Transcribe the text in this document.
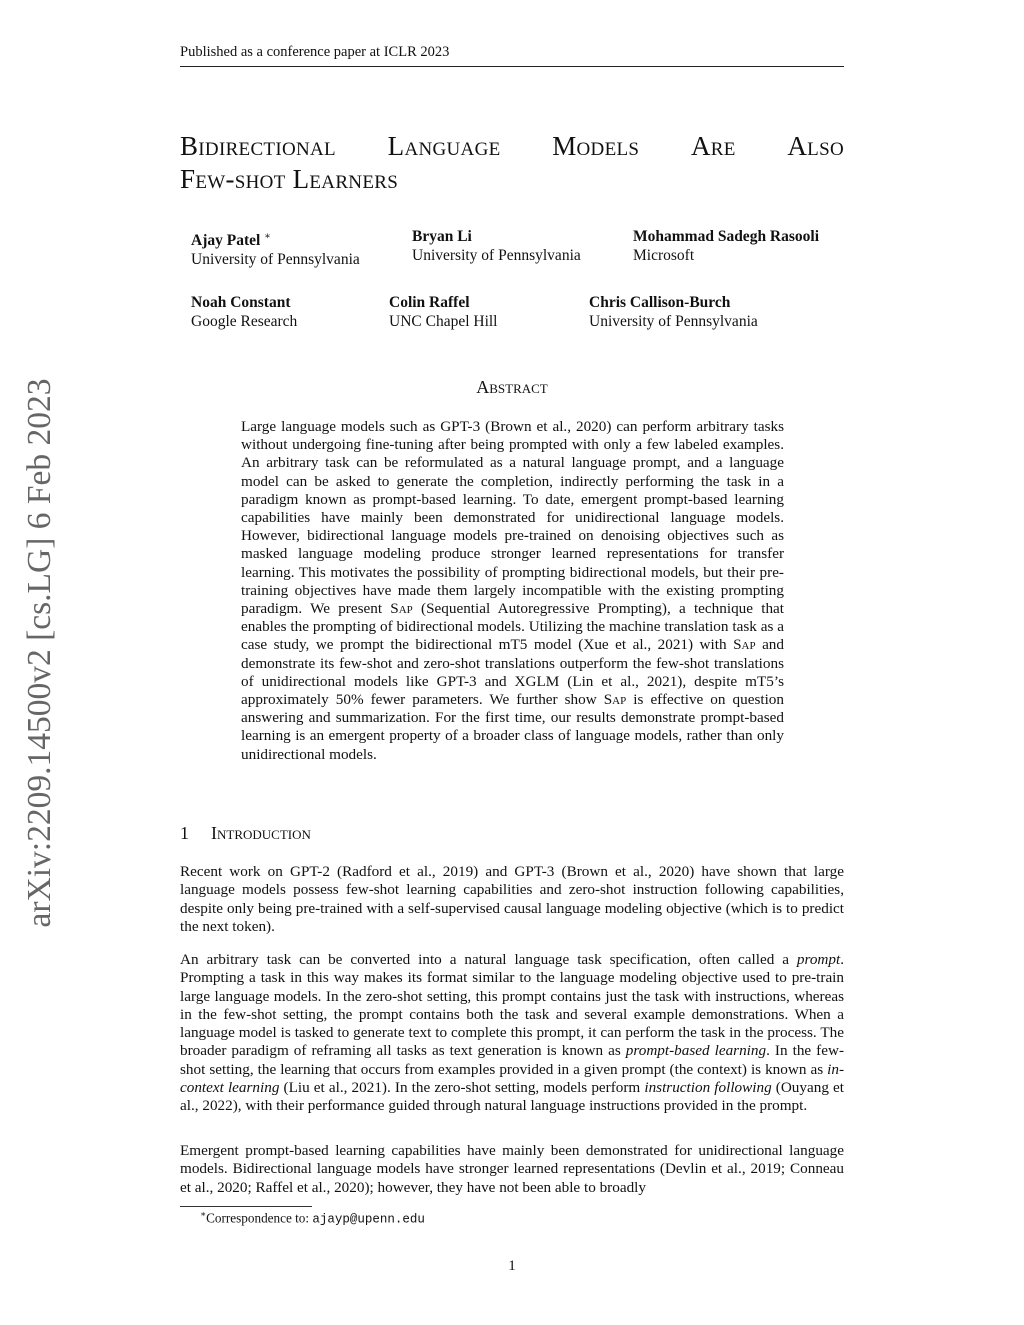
Published as a conference paper at ICLR 2023
Bidirectional Language Models Are Also
Few-shot Learners
Ajay Patel ∗
University of Pennsylvania
Bryan Li
University of Pennsylvania
Mohammad Sadegh Rasooli
Microsoft
Noah Constant
Google Research
Colin Raffel
UNC Chapel Hill
Chris Callison-Burch
University of Pennsylvania
arXiv:2209.14500v2 [cs.LG] 6 Feb 2023	Abstract
Large language models such as GPT-3 (Brown et al., 2020) can perform arbitrary tasks without undergoing fine-tuning after being prompted with only a few labeled examples. An arbitrary task can be reformulated as a natural language prompt, and a language model can be asked to generate the completion, indirectly performing the task in a paradigm known as prompt-based learning. To date, emergent prompt-based learning capabilities have mainly been demonstrated for unidirectional language models. However, bidirectional language models pre-trained on denoising objectives such as masked language modeling produce stronger learned representations for transfer learning. This motivates the possibility of prompting bidirectional models, but their pre-training objectives have made them largely incompatible with the existing prompting paradigm. We present Sap (Sequential Autoregressive Prompting), a technique that enables the prompting of bidirectional models. Utilizing the machine translation task as a case study, we prompt the bidirectional mT5 model (Xue et al., 2021) with Sap and demonstrate its few-shot and zero-shot translations outperform the few-shot translations of unidirectional models like GPT-3 and XGLM (Lin et al., 2021), despite mT5’s approximately 50% fewer parameters. We further show Sap is effective on question answering and summarization. For the first time, our results demonstrate prompt-based learning is an emergent property of a broader class of language models, rather than only unidirectional models.
1 Introduction
Recent work on GPT-2 (Radford et al., 2019) and GPT-3 (Brown et al., 2020) have shown that large language models possess few-shot learning capabilities and zero-shot instruction following capabilities, despite only being pre-trained with a self-supervised causal language modeling objective (which is to predict the next token).
An arbitrary task can be converted into a natural language task specification, often called a prompt. Prompting a task in this way makes its format similar to the language modeling objective used to pre-train large language models. In the zero-shot setting, this prompt contains just the task with instructions, whereas in the few-shot setting, the prompt contains both the task and several example demonstrations. When a language model is tasked to generate text to complete this prompt, it can perform the task in the process. The broader paradigm of reframing all tasks as text generation is known as prompt-based learning. In the few-shot setting, the learning that occurs from examples provided in a given prompt (the context) is known as in-context learning (Liu et al., 2021). In the zero-shot setting, models perform instruction following (Ouyang et al., 2022), with their performance guided through natural language instructions provided in the prompt.
Emergent prompt-based learning capabilities have mainly been demonstrated for unidirectional language models. Bidirectional language models have stronger learned representations (Devlin et al., 2019; Conneau et al., 2020; Raffel et al., 2020); however, they have not been able to broadly
∗Correspondence to: ajayp@upenn.edu
1
